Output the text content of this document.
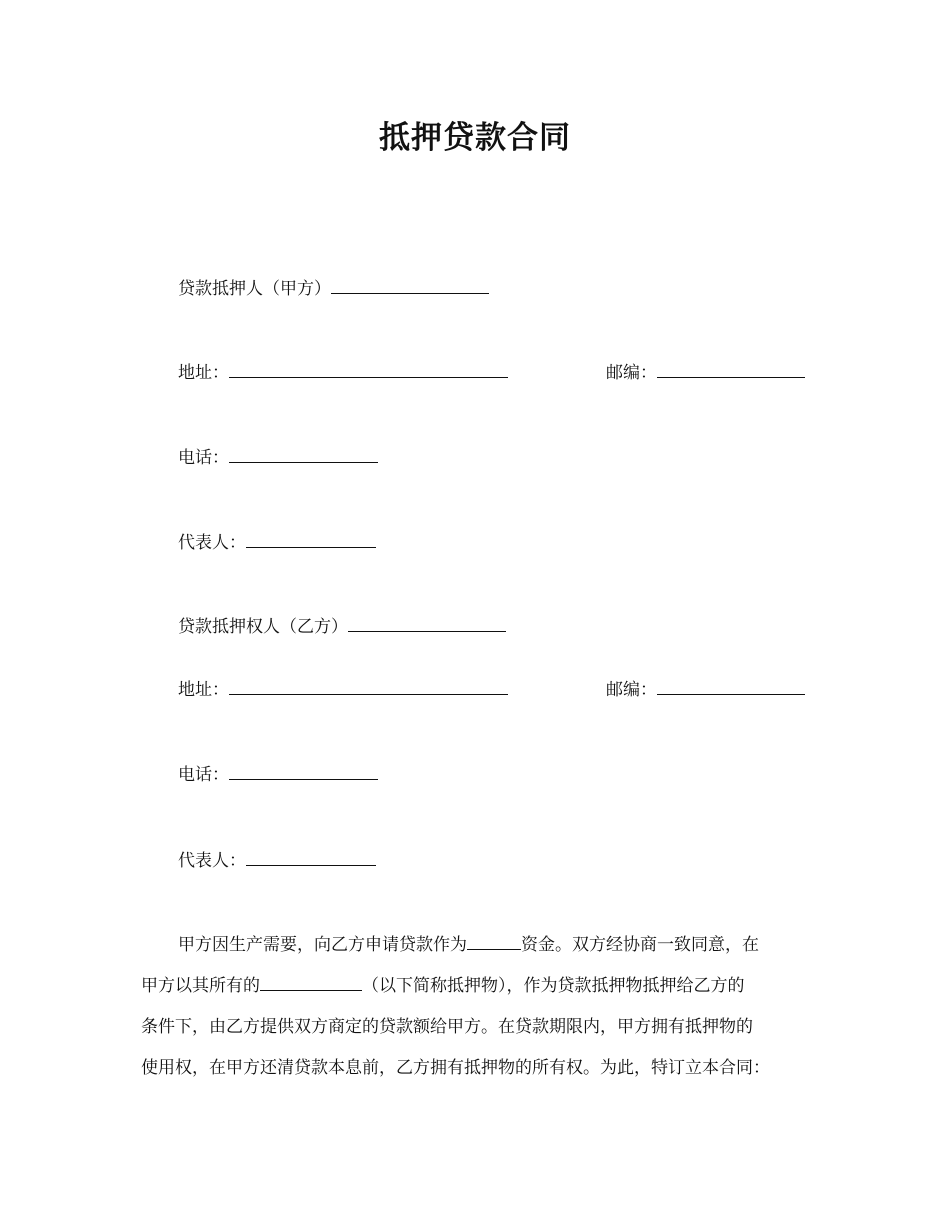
抵押贷款合同
贷款抵押人（甲方）
地址：	邮编：
电话：
代表人：
贷款抵押权人（乙方）
地址：	邮编：
电话：
代表人：
甲方因生产需要，向乙方申请贷款作为	资金。双方经协商一致同意，在
甲方以其所有的	（以下简称抵押物），作为贷款抵押物抵押给乙方的
条件下，由乙方提供双方商定的贷款额给甲方。在贷款期限内，甲方拥有抵押物的
使用权，在甲方还清贷款本息前，乙方拥有抵押物的所有权。为此，特订立本合同：
